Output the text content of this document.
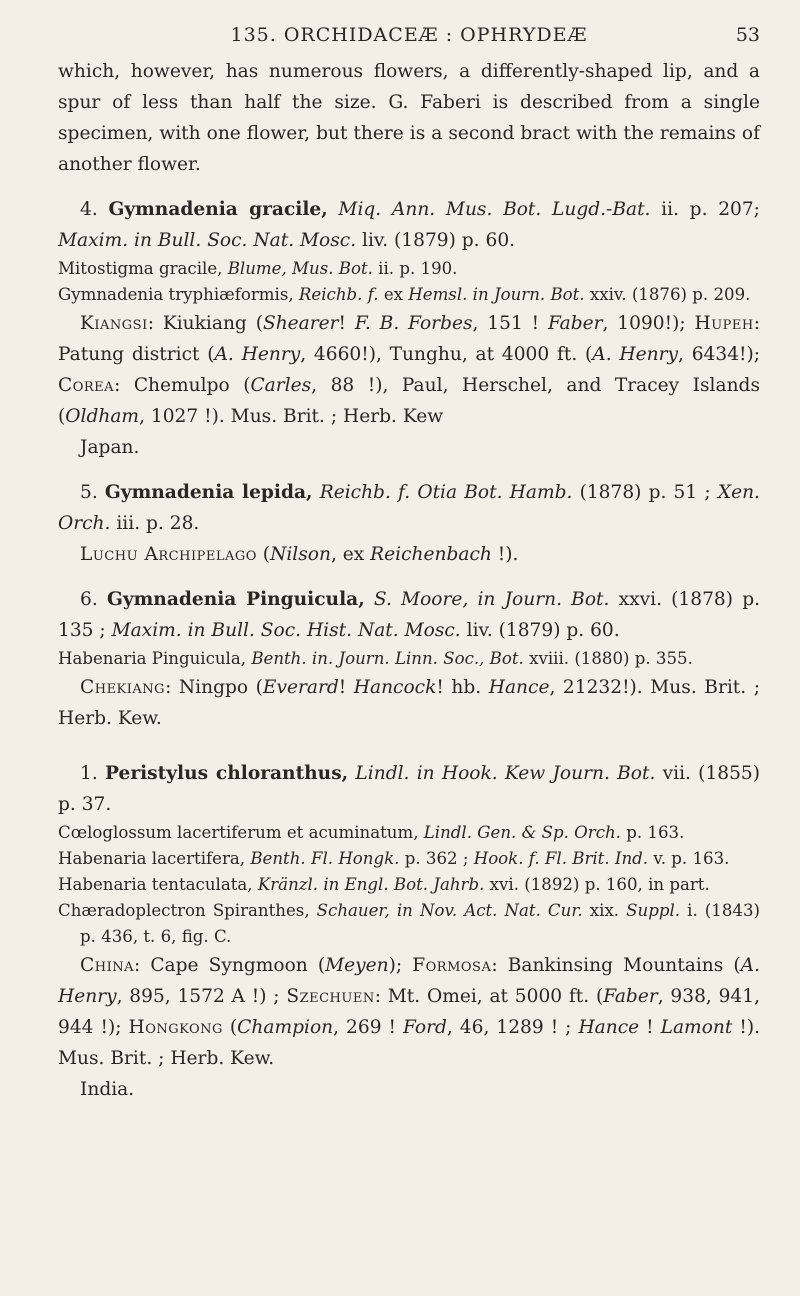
135. ORCHIDACEÆ : OPHRYDEÆ	53

which, however, has numerous flowers, a differently-shaped lip, and a spur of less than half the size. G. Faberi is described from a single specimen, with one flower, but there is a second bract with the remains of another flower.

4. Gymnadenia gracile, Miq. Ann. Mus. Bot. Lugd.-Bat. ii. p. 207; Maxim. in Bull. Soc. Nat. Mosc. liv. (1879) p. 60.

Mitostigma gracile, Blume, Mus. Bot. ii. p. 190.

Gymnadenia tryphiæformis, Reichb. f. ex Hemsl. in Journ. Bot. xxiv. (1876) p. 209.

Kiangsi: Kiukiang (Shearer! F. B. Forbes, 151 ! Faber, 1090!); Hupeh: Patung district (A. Henry, 4660!), Tunghu, at 4000 ft. (A. Henry, 6434!); Corea: Chemulpo (Carles, 88 !), Paul, Herschel, and Tracey Islands (Oldham, 1027 !). Mus. Brit. ; Herb. Kew

Japan.

5. Gymnadenia lepida, Reichb. f. Otia Bot. Hamb. (1878) p. 51 ; Xen. Orch. iii. p. 28.

Luchu Archipelago (Nilson, ex Reichenbach !).

6. Gymnadenia Pinguicula, S. Moore, in Journ. Bot. xxvi. (1878) p. 135 ; Maxim. in Bull. Soc. Hist. Nat. Mosc. liv. (1879) p. 60.

Habenaria Pinguicula, Benth. in. Journ. Linn. Soc., Bot. xviii. (1880) p. 355.

Chekiang: Ningpo (Everard! Hancock! hb. Hance, 21232!). Mus. Brit. ; Herb. Kew.

1. Peristylus chloranthus, Lindl. in Hook. Kew Journ. Bot. vii. (1855) p. 37.

Cœloglossum lacertiferum et acuminatum, Lindl. Gen. & Sp. Orch. p. 163.

Habenaria lacertifera, Benth. Fl. Hongk. p. 362 ; Hook. f. Fl. Brit. Ind. v. p. 163.

Habenaria tentaculata, Kränzl. in Engl. Bot. Jahrb. xvi. (1892) p. 160, in part.

Chæradoplectron Spiranthes, Schauer, in Nov. Act. Nat. Cur. xix. Suppl. i. (1843) p. 436, t. 6, fig. C.

China: Cape Syngmoon (Meyen); Formosa: Bankinsing Mountains (A. Henry, 895, 1572 A !) ; Szechuen: Mt. Omei, at 5000 ft. (Faber, 938, 941, 944 !); Hongkong (Champion, 269 ! Ford, 46, 1289 ! ; Hance ! Lamont !). Mus. Brit. ; Herb. Kew.

India.
